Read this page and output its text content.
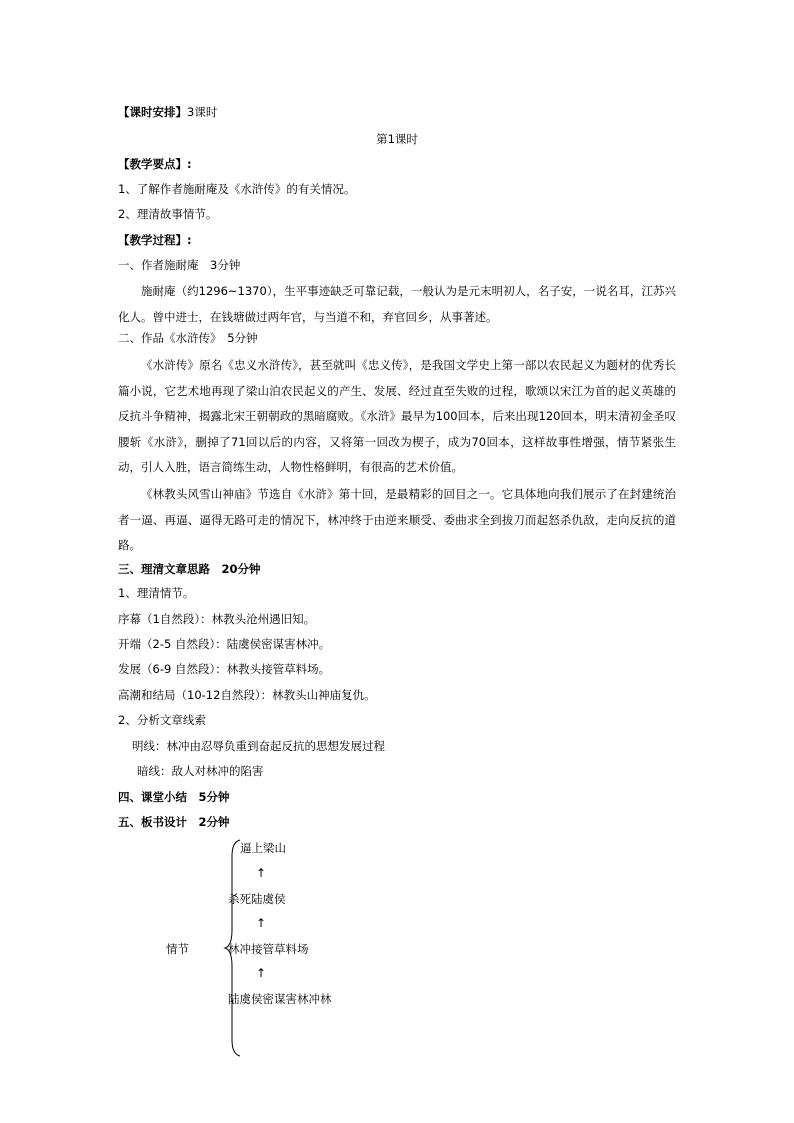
【课时安排】3课时
第1课时
【教学要点】:
1、了解作者施耐庵及《水浒传》的有关情况。
2、理清故事情节。
【教学过程】:
一、作者施耐庵　3分钟

施耐庵（约1296~1370），生平事迹缺乏可靠记载，一般认为是元末明初人，名子安，一说名耳，江苏兴化人。曾中进士，在钱塘做过两年官，与当道不和，弃官回乡，从事著述。

二、作品《水浒传》　5分钟

《水浒传》原名《忠义水浒传》，甚至就叫《忠义传》，是我国文学史上第一部以农民起义为题材的优秀长篇小说，它艺术地再现了梁山泊农民起义的产生、发展、经过直至失败的过程，歌颂以宋江为首的起义英雄的反抗斗争精神，揭露北宋王朝朝政的黑暗腐败。《水浒》最早为100回本，后来出现120回本，明末清初金圣叹腰斩《水浒》，删掉了71回以后的内容，又将第一回改为楔子，成为70回本，这样故事性增强，情节紧张生动，引人入胜，语言简练生动，人物性格鲜明，有很高的艺术价值。

《林教头风雪山神庙》节选自《水浒》第十回，是最精彩的回目之一。它具体地向我们展示了在封建统治者一逼、再逼、逼得无路可走的情况下，林冲终于由逆来顺受、委曲求全到拔刀而起怒杀仇敌，走向反抗的道路。

三、理清文章思路　20分钟
1、理清情节。
序幕（1自然段）：林教头沧州遇旧知。
开端（2-5 自然段）：陆虞侯密谋害林冲。
发展（6-9 自然段）：林教头接管草料场。
高潮和结局（10-12自然段）：林教头山神庙复仇。
2、分析文章线索
明线：林冲由忍辱负重到奋起反抗的思想发展过程
暗线：敌人对林冲的陷害
四、课堂小结　5分钟
五、板书设计　2分钟
情节
逼上梁山
↑
杀死陆虞侯
↑
林冲接管草料场
↑
陆虞侯密谋害林冲林
